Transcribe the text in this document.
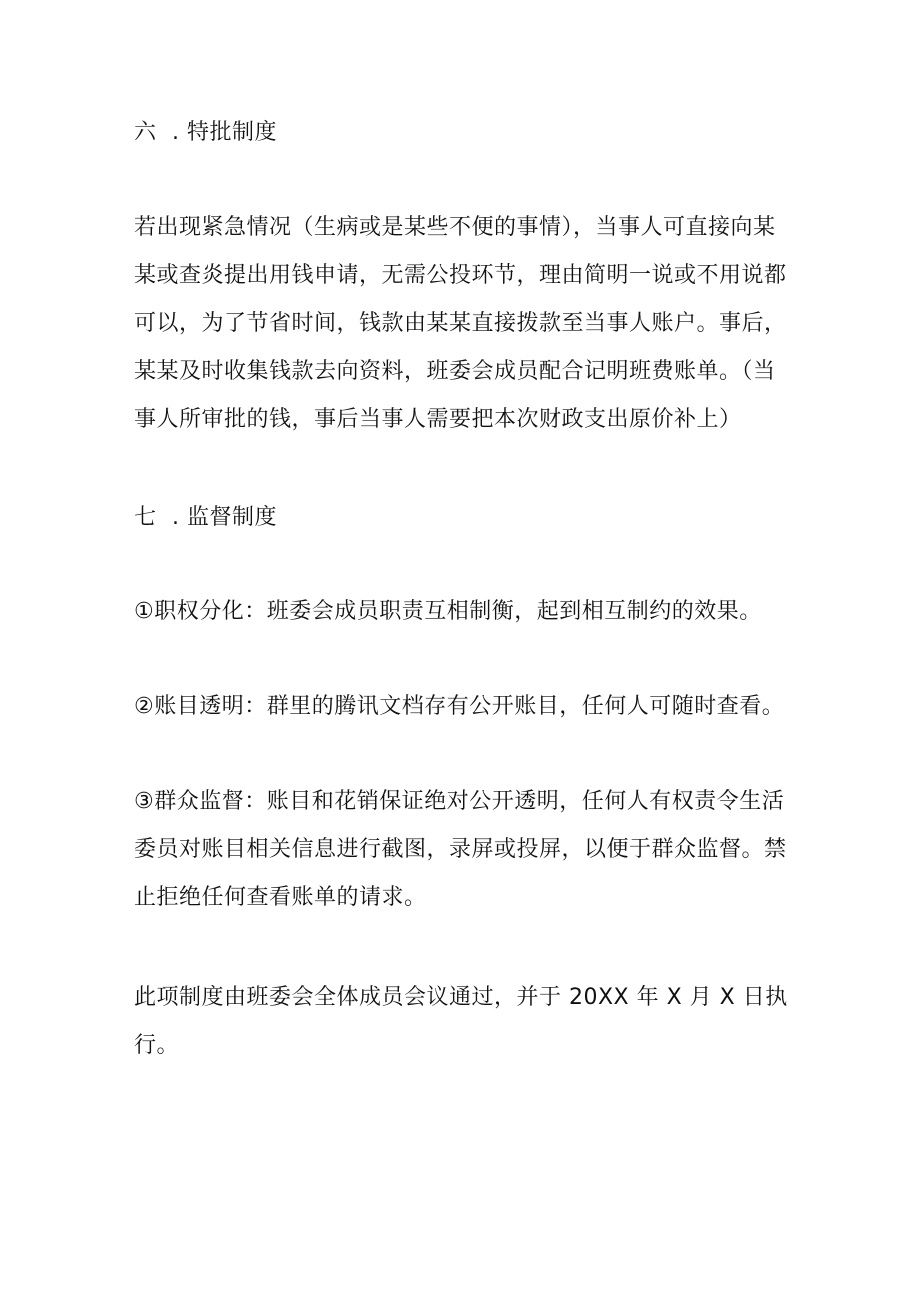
六 . 特批制度
若出现紧急情况（生病或是某些不便的事情），当事人可直接向某
某或查炎提出用钱申请，无需公投环节，理由简明一说或不用说都
可以，为了节省时间，钱款由某某直接拨款至当事人账户。事后，
某某及时收集钱款去向资料，班委会成员配合记明班费账单。（当
事人所审批的钱，事后当事人需要把本次财政支出原价补上）
七 . 监督制度
①职权分化：班委会成员职责互相制衡，起到相互制约的效果。
②账目透明：群里的腾讯文档存有公开账目，任何人可随时查看。
③群众监督：账目和花销保证绝对公开透明，任何人有权责令生活
委员对账目相关信息进行截图，录屏或投屏，以便于群众监督。禁
止拒绝任何查看账单的请求。
此项制度由班委会全体成员会议通过，并于 20XX 年 X 月 X 日执
行。
